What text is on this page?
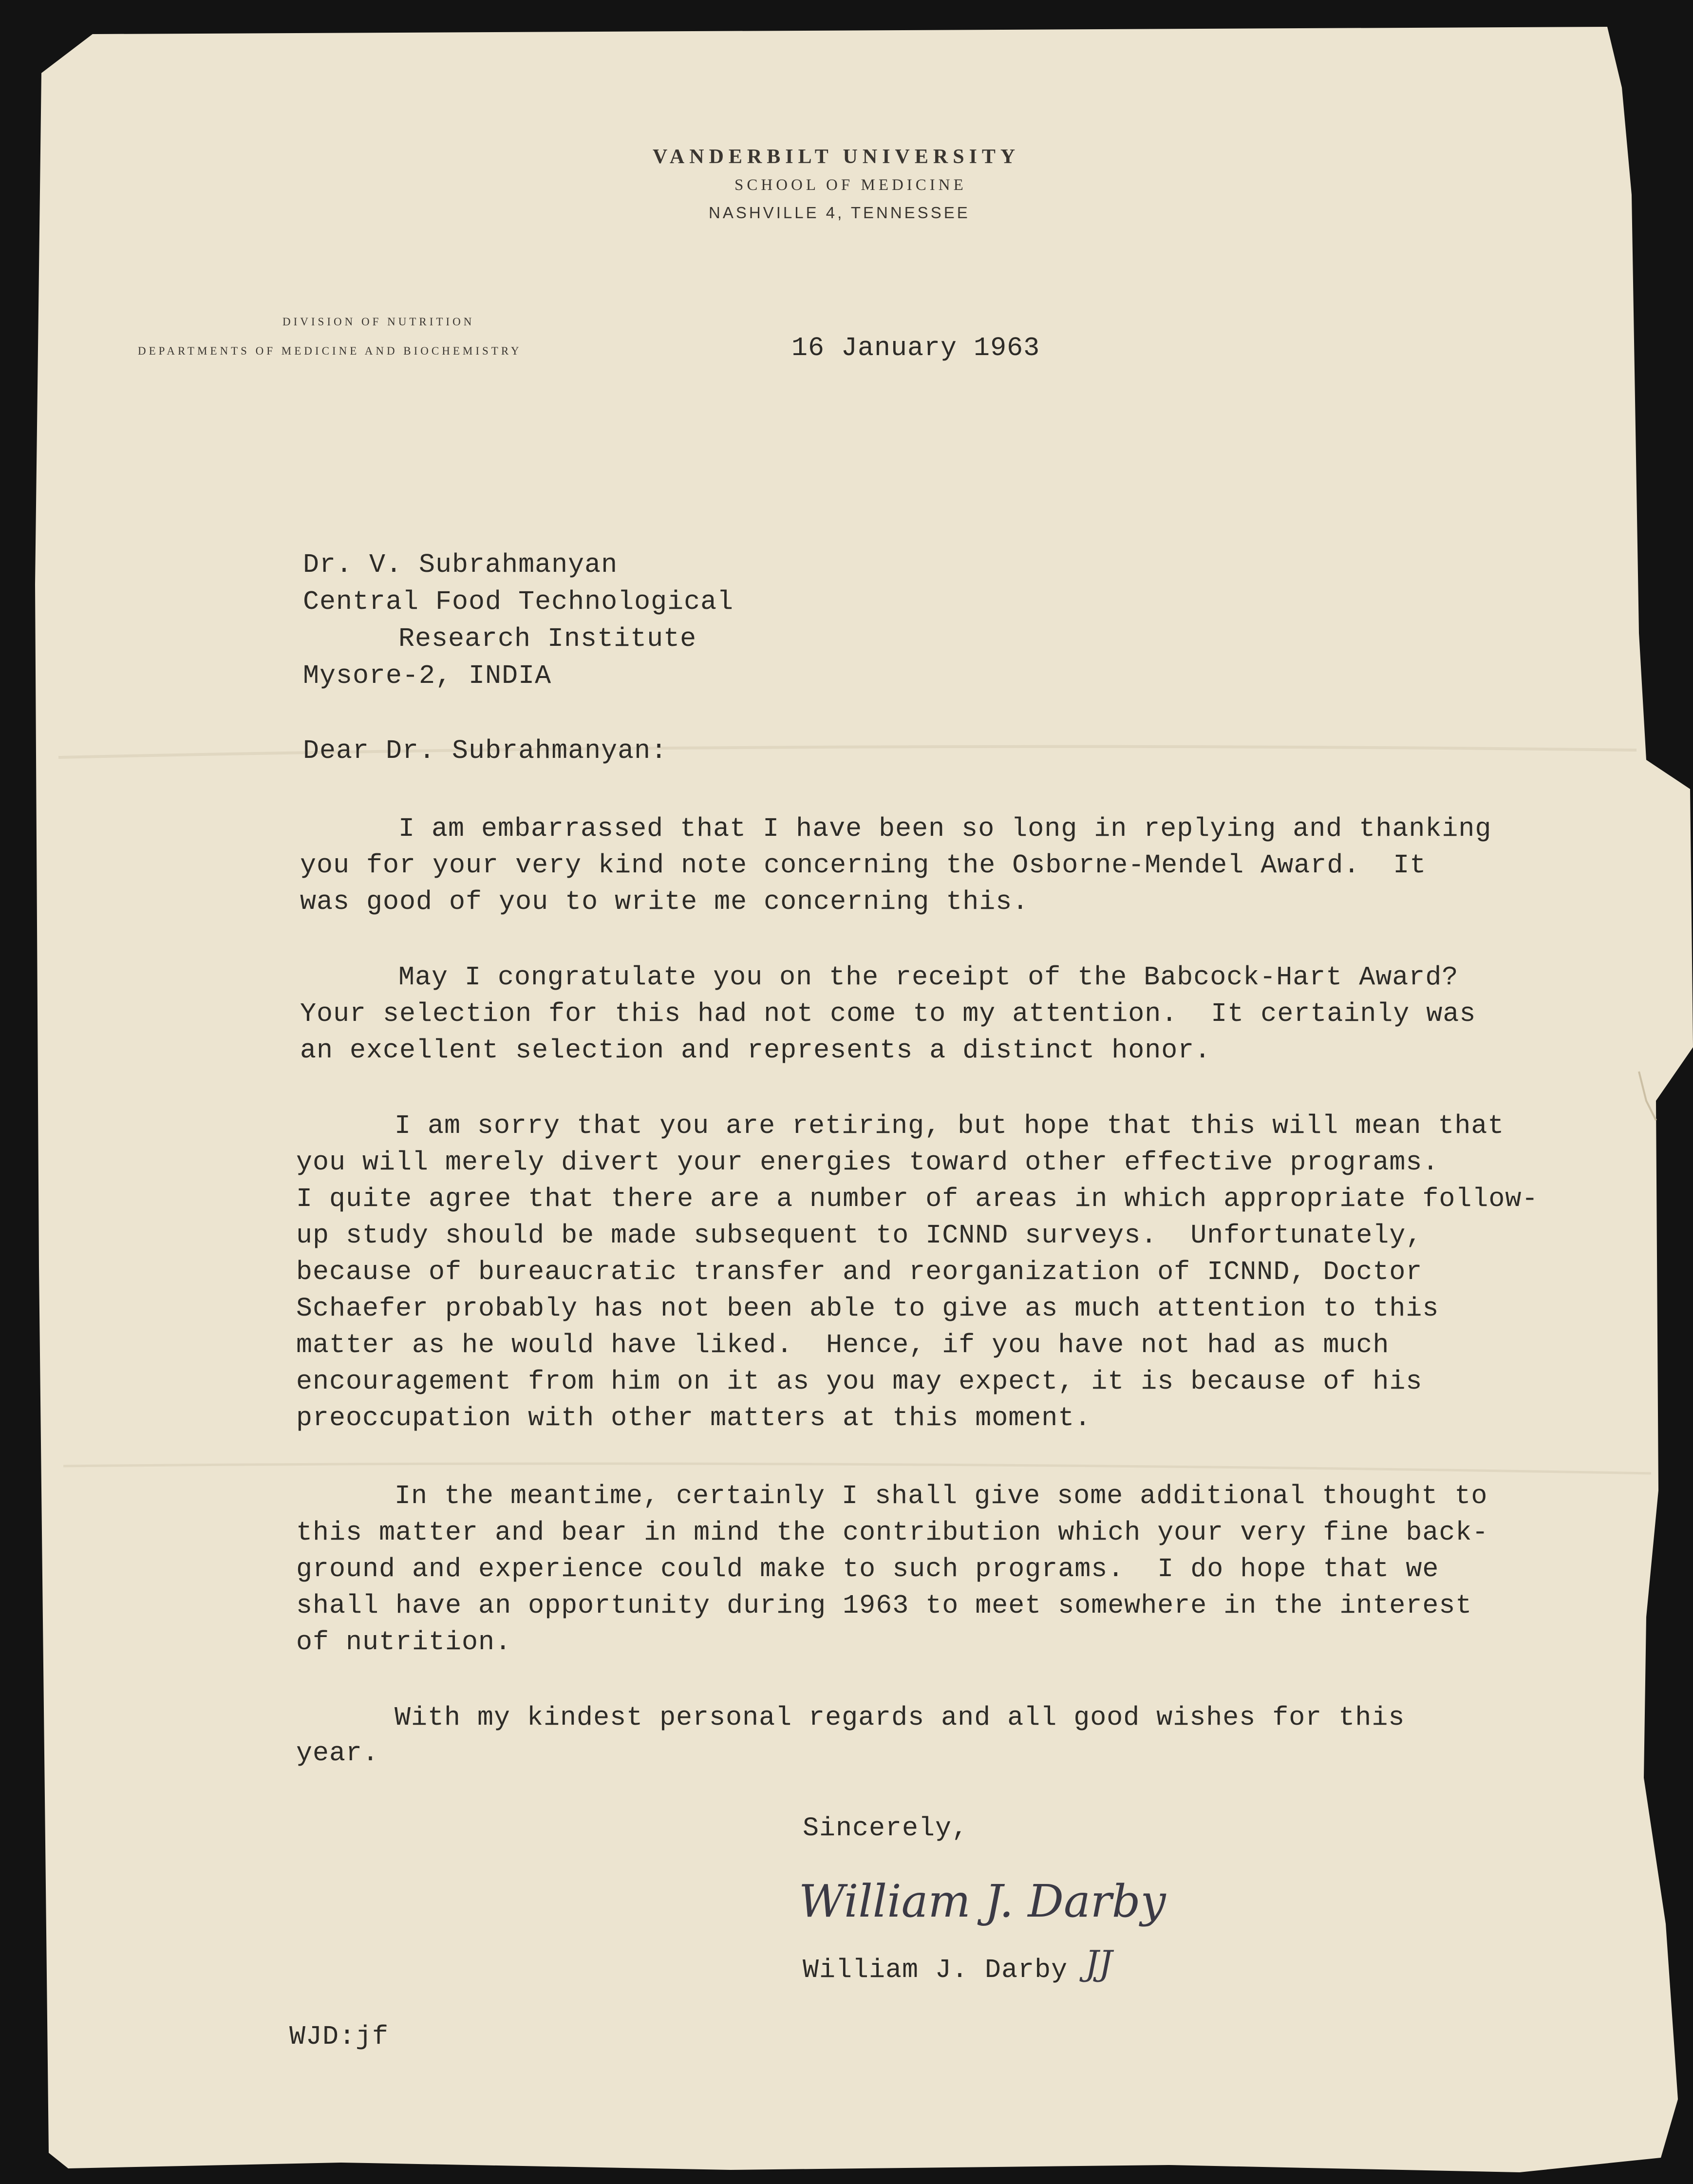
VANDERBILT UNIVERSITY
SCHOOL OF MEDICINE
NASHVILLE 4, TENNESSEE
DIVISION OF NUTRITION
DEPARTMENTS OF MEDICINE AND BIOCHEMISTRY	16 January 1963
Dr. V. Subrahmanyan
Central Food Technological
Research Institute
Mysore-2, INDIA
Dear Dr. Subrahmanyan:
I am embarrassed that I have been so long in replying and thanking
you for your very kind note concerning the Osborne-Mendel Award.  It
was good of you to write me concerning this.
May I congratulate you on the receipt of the Babcock-Hart Award?
Your selection for this had not come to my attention.  It certainly was
an excellent selection and represents a distinct honor.
I am sorry that you are retiring, but hope that this will mean that
you will merely divert your energies toward other effective programs.
I quite agree that there are a number of areas in which appropriate follow-
up study should be made subsequent to ICNND surveys.  Unfortunately,
because of bureaucratic transfer and reorganization of ICNND, Doctor
Schaefer probably has not been able to give as much attention to this
matter as he would have liked.  Hence, if you have not had as much
encouragement from him on it as you may expect, it is because of his
preoccupation with other matters at this moment.
In the meantime, certainly I shall give some additional thought to
this matter and bear in mind the contribution which your very fine back-
ground and experience could make to such programs.  I do hope that we
shall have an opportunity during 1963 to meet somewhere in the interest
of nutrition.
With my kindest personal regards and all good wishes for this
year.
Sincerely,
William J. Darby
William J. Darby JJ
WJD:jf
